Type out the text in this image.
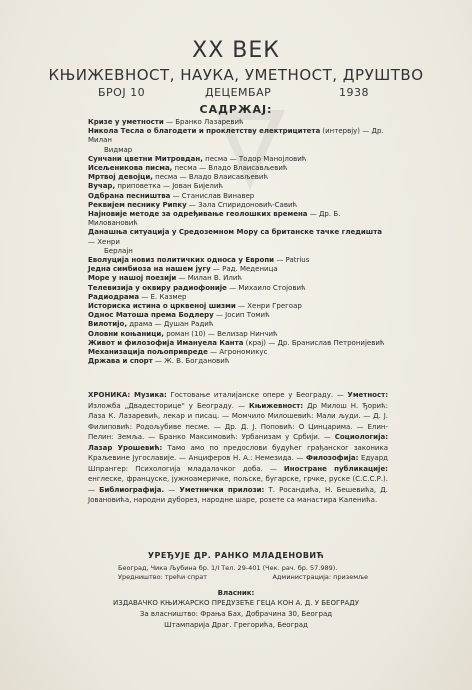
XX ВЕК
КЊИЖЕВНОСТ, НАУКА, УМЕТНОСТ, ДРУШТВО
БРОЈ 10	ДЕЦЕМБАР	1938
САДРЖАЈ:
Кризе у уметности — Бранко Лазаревић
Никола Тесла о благодети и проклетству електрицитета (интервју) — Др. Милан
Видмар
Сунчани цветни Митровдан, песма — Тодор Манојловић
Исељеникова писма, песма — Владо Влаисављевић
Мртвој девојци, песма — Владо Влаисављевић
Вучар, приповетка — Јован Бијелић
Одбрана песништва — Станислав Винавер
Реквијем песнику Рипку — Зала Спиридоновић-Савић
Најновије методе за одређивање геолошких времена — Др. Б. Миловановић
Данашња ситуација у Средоземном Мору са британске тачке гледишта — Хенри
Берлајн
Еволуција новиз политичких односа у Европи — Patrius
Једна симбиоза на нашем југу — Рад. Меденица
Море у нашој поезији — Милан В. Илић
Телевизија у оквиру радиофоније — Михаило Стојовић
Радиодрама — Е. Казмер
Историска истина о црквеној шизми — Хенри Грегоар
Однос Матоша према Бодлеру — Јосип Томић
Вилотијо, драма — Душан Радић
Оловни коњаници, роман (10) — Велизар Нинчић
Живот и филозофија Имануела Канта (крај) — Др. Бранислав Петронијевић
Механизација пољопривреде — Агрономикус
Држава и спорт — Ж. В. Богдановић
ХРОНИКА: Музика: Гостовање италијанске опере у Београду. — Уметност: Изложба „Двадесторице" у Београду. — Књижевност: Др Милош Н. Ђорић: Лаза К. Лазаревић, лекар и писац. — Момчило Милошевић: Мали људи. — Д. Ј. Филиповић: Родољубиве песме. — Др. Д. Ј. Поповић: О Цинцарима. — Елин-Пелин: Земља. — Бранко Максимовић: Урбанизам у Србији. — Социологија: Лазар Урошевић: Тамо амо по предослови будућег грађанског законика Краљевине Југославије. — Анциферов Н. А.: Немезида. — Филозофија: Едуард Шпрангер: Психологија младалачког доба. — Иностране публикације: енглеске, француске, јужноамеричке, пољске, бугарске, грчке, руске (С.С.С.Р.). — Библиографија. — Уметнички прилози: Т. Росандића, Н. Бешевића, Д. Јовановића, народни дуборез, народне шаре, розете са манастира Каленића.
УРЕЂУЈЕ ДР. РАНКО МЛАДЕНОВИЋ
Београд, Чика Љубина бр. 1/I Тел. 29-401 (Чек. рач. бр. 57.989).
Уредништво: трећи спрат	Администрација: приземље
Власник:
ИЗДАВАЧКО КЊИЖАРСКО ПРЕДУЗЕЋЕ ГЕЦА КОН А. Д. У БЕОГРАДУ
За власништво: Фрања Бах, Добрачина 30, Београд
Штампарија Драг. Грегорића, Београд
